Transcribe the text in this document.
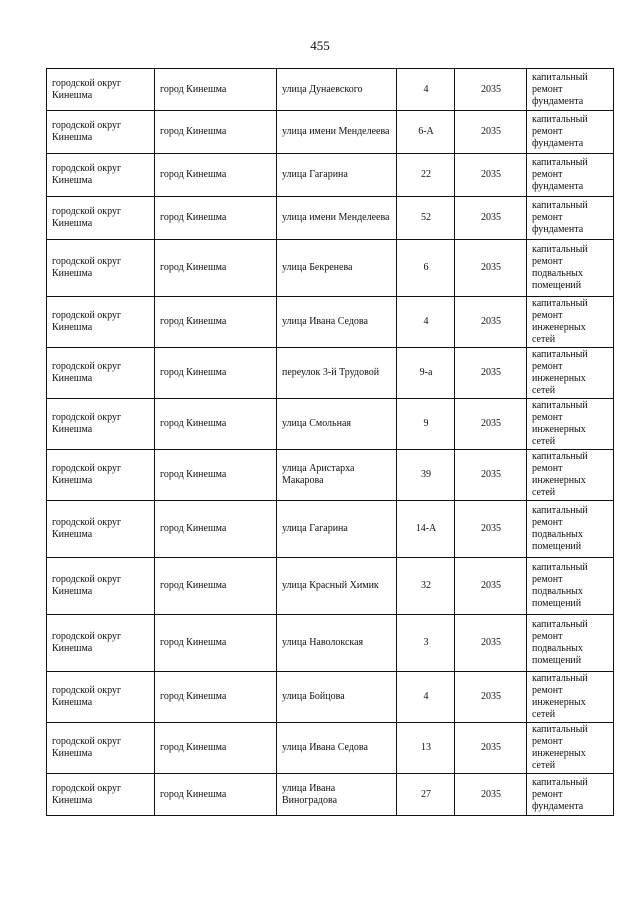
455
городской округ Кинешма	город Кинешма	улица Дунаевского	4	2035	капитальный ремонт фундамента
городской округ Кинешма	город Кинешма	улица имени Менделеева	6-А	2035	капитальный ремонт фундамента
городской округ Кинешма	город Кинешма	улица Гагарина	22	2035	капитальный ремонт фундамента
городской округ Кинешма	город Кинешма	улица имени Менделеева	52	2035	капитальный ремонт фундамента
городской округ Кинешма	город Кинешма	улица Бекренева	6	2035	капитальный ремонт подвальных помещений
городской округ Кинешма	город Кинешма	улица Ивана Седова	4	2035	капитальный ремонт инженерных сетей
городской округ Кинешма	город Кинешма	переулок 3-й Трудовой	9-а	2035	капитальный ремонт инженерных сетей
городской округ Кинешма	город Кинешма	улица Смольная	9	2035	капитальный ремонт инженерных сетей
городской округ Кинешма	город Кинешма	улица Аристарха Макарова	39	2035	капитальный ремонт инженерных сетей
городской округ Кинешма	город Кинешма	улица Гагарина	14-А	2035	капитальный ремонт подвальных помещений
городской округ Кинешма	город Кинешма	улица Красный Химик	32	2035	капитальный ремонт подвальных помещений
городской округ Кинешма	город Кинешма	улица Наволокская	3	2035	капитальный ремонт подвальных помещений
городской округ Кинешма	город Кинешма	улица Бойцова	4	2035	капитальный ремонт инженерных сетей
городской округ Кинешма	город Кинешма	улица Ивана Седова	13	2035	капитальный ремонт инженерных сетей
городской округ Кинешма	город Кинешма	улица Ивана Виноградова	27	2035	капитальный ремонт фундамента
